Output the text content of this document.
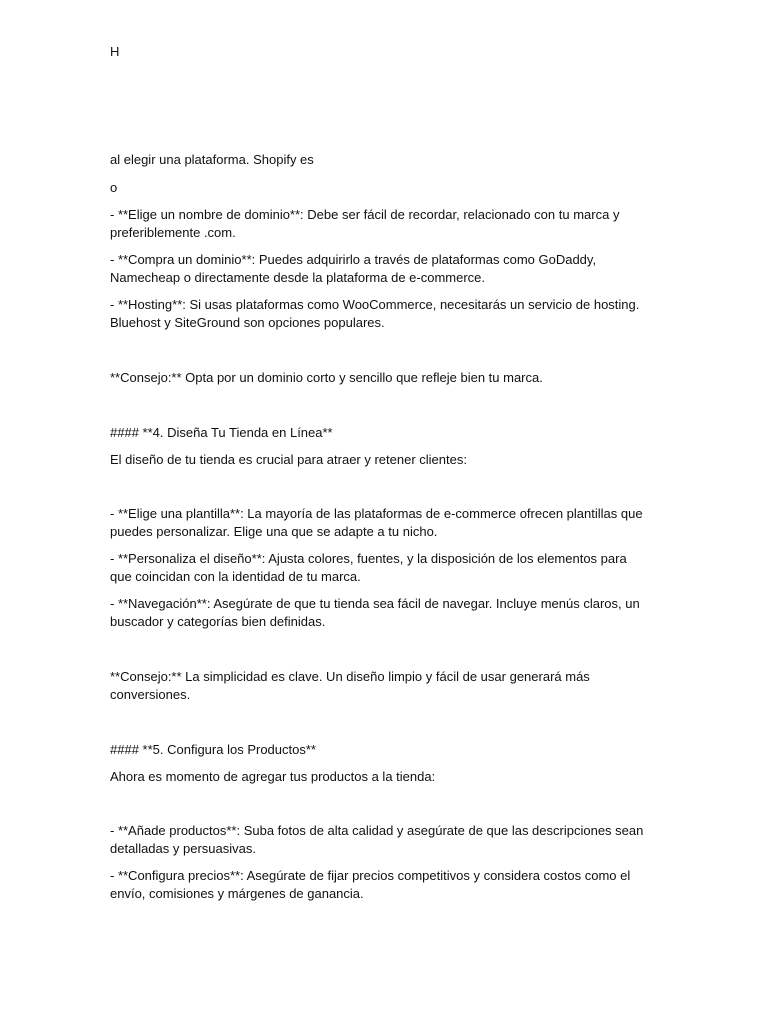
H
al elegir una plataforma. Shopify es
o
- **Elige un nombre de dominio**: Debe ser fácil de recordar, relacionado con tu marca y preferiblemente .com.
- **Compra un dominio**: Puedes adquirirlo a través de plataformas como GoDaddy, Namecheap o directamente desde la plataforma de e-commerce.
- **Hosting**: Si usas plataformas como WooCommerce, necesitarás un servicio de hosting. Bluehost y SiteGround son opciones populares.
**Consejo:** Opta por un dominio corto y sencillo que refleje bien tu marca.
#### **4. Diseña Tu Tienda en Línea**
El diseño de tu tienda es crucial para atraer y retener clientes:
- **Elige una plantilla**: La mayoría de las plataformas de e-commerce ofrecen plantillas que puedes personalizar. Elige una que se adapte a tu nicho.
- **Personaliza el diseño**: Ajusta colores, fuentes, y la disposición de los elementos para que coincidan con la identidad de tu marca.
- **Navegación**: Asegúrate de que tu tienda sea fácil de navegar. Incluye menús claros, un buscador y categorías bien definidas.
**Consejo:** La simplicidad es clave. Un diseño limpio y fácil de usar generará más conversiones.
#### **5. Configura los Productos**
Ahora es momento de agregar tus productos a la tienda:
- **Añade productos**: Suba fotos de alta calidad y asegúrate de que las descripciones sean detalladas y persuasivas.
- **Configura precios**: Asegúrate de fijar precios competitivos y considera costos como el envío, comisiones y márgenes de ganancia.
